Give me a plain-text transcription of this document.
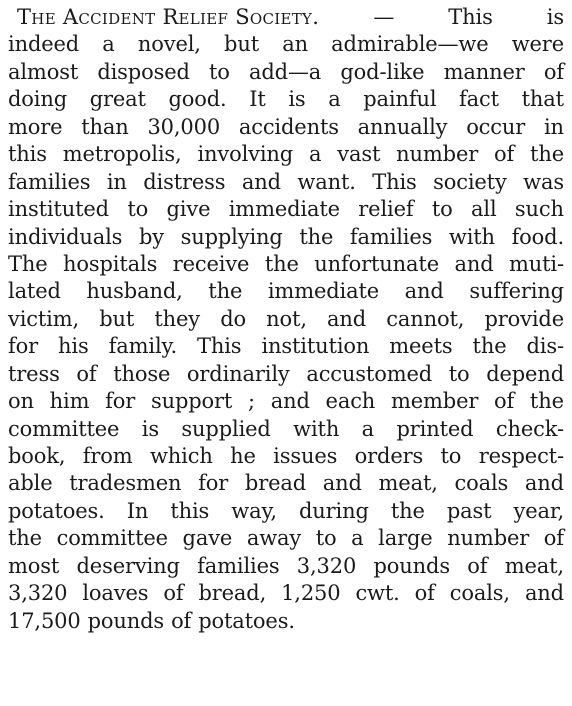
The Accident Relief Society.	—	This	is
indeed a novel, but an admirable—we were
almost disposed to add—a god-like manner of
doing great good. It is a painful fact that
more than 30,000 accidents annually occur in
this metropolis, involving a vast number of the
families in distress and want. This society was
instituted to give immediate relief to all such
individuals by supplying the families with food.
The hospitals receive the unfortunate and muti-
lated husband, the immediate and suffering
victim, but they do not, and cannot, provide
for his family. This institution meets the dis-
tress of those ordinarily accustomed to depend
on him for support ; and each member of the
committee is supplied with a printed check-
book, from which he issues orders to respect-
able tradesmen for bread and meat, coals and
potatoes. In this way, during the past year,
the committee gave away to a large number of
most deserving families 3,320 pounds of meat,
3,320 loaves of bread, 1,250 cwt. of coals, and
17,500 pounds of potatoes.
